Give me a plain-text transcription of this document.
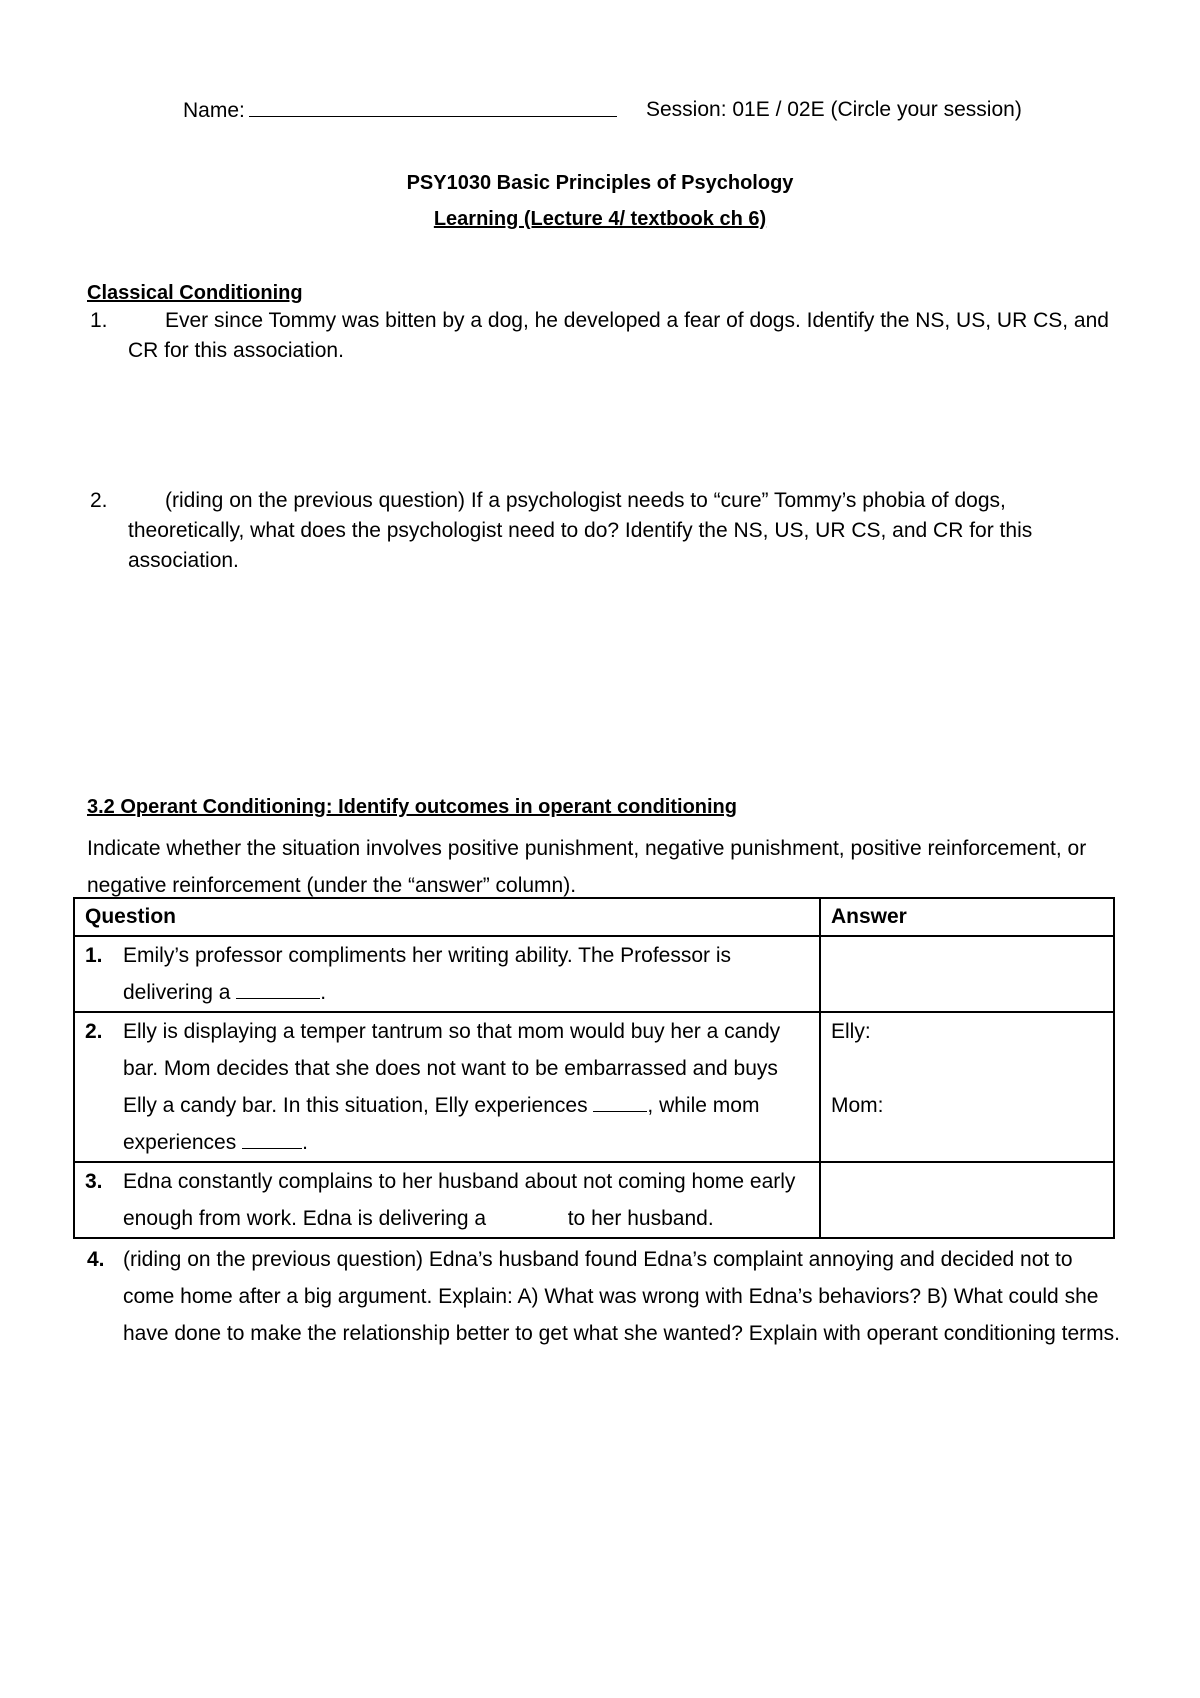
Name:	Session: 01E / 02E (Circle your session)
PSY1030 Basic Principles of Psychology
Learning (Lecture 4/ textbook ch 6)
Classical Conditioning
1.	Ever since Tommy was bitten by a dog, he developed a fear of dogs. Identify the NS, US, UR CS, and CR for this association.
2.	(riding on the previous question) If a psychologist needs to “cure” Tommy’s phobia of dogs, theoretically, what does the psychologist need to do? Identify the NS, US, UR CS, and CR for this association.
3.2 Operant Conditioning: Identify outcomes in operant conditioning
Indicate whether the situation involves positive punishment, negative punishment, positive reinforcement, or negative reinforcement (under the “answer” column).
Question	Answer

1. Emily’s professor compliments her writing ability. The Professor is delivering a .	

2. Elly is displaying a temper tantrum so that mom would buy her a candy bar. Mom decides that she does not want to be embarrassed and buys Elly a candy bar. In this situation, Elly experiences , while mom experiences .	Elly:

Mom:

3. Edna constantly complains to her husband about not coming home early enough from work. Edna is delivering a to her husband.	

4. (riding on the previous question) Edna’s husband found Edna’s complaint annoying and decided not to come home after a big argument. Explain: A) What was wrong with Edna’s behaviors? B) What could she have done to make the relationship better to get what she wanted? Explain with operant conditioning terms.
